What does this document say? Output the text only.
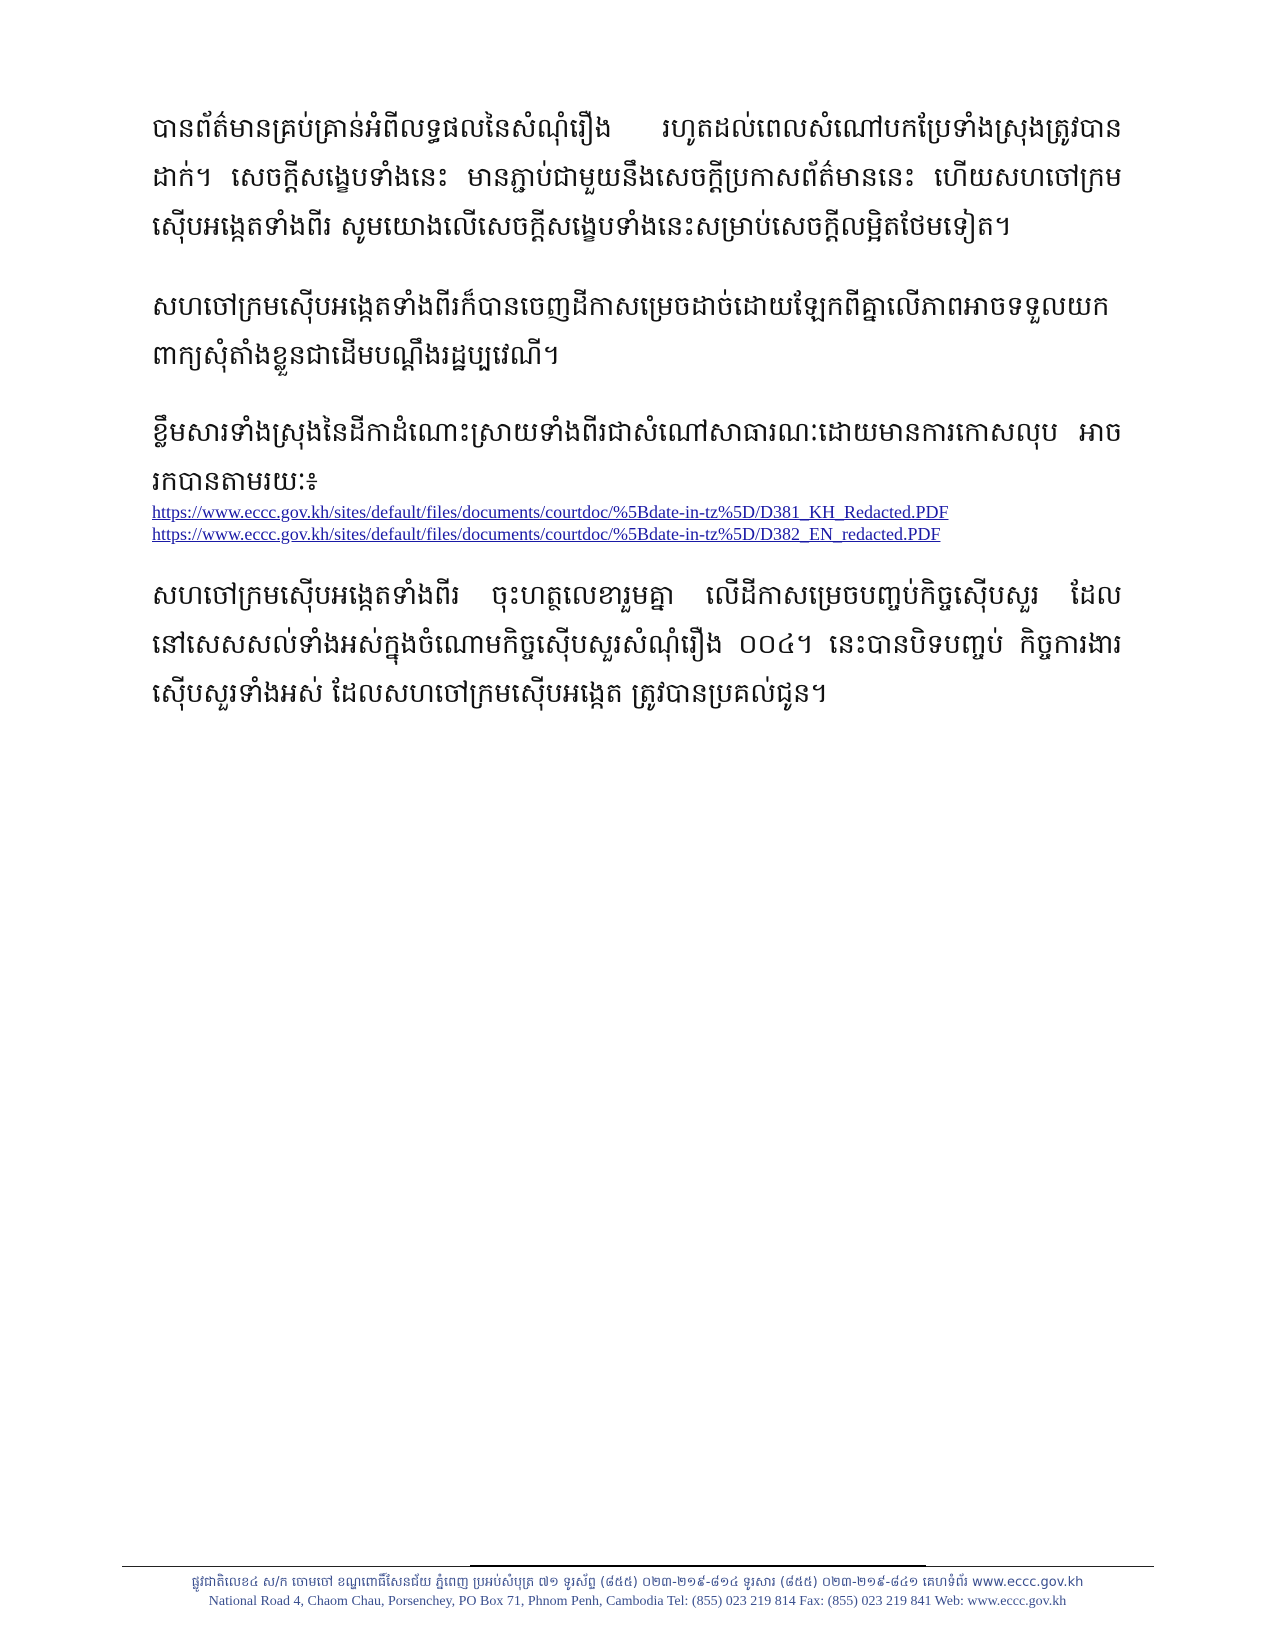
បានព័ត៌មានគ្រប់គ្រាន់អំពីលទ្ធផលនៃសំណុំរឿង រហូតដល់ពេលសំណៅបកប្រែទាំងស្រុងត្រូវបានដាក់។ សេចក្តីសង្ខេបទាំងនេះ មានភ្ជាប់ជាមួយនឹងសេចក្តីប្រកាសព័ត៌មាននេះ ហើយសហចៅក្រមស៊ើបអង្កេតទាំងពីរ សូមយោងលើសេចក្តីសង្ខេបទាំងនេះសម្រាប់សេចក្តីលម្អិតថែមទៀត។

សហចៅក្រមស៊ើបអង្កេតទាំងពីរក៏បានចេញដីកាសម្រេចដាច់ដោយឡែកពីគ្នាលើភាពអាចទទួលយកពាក្យសុំតាំងខ្លួនជាដើមបណ្តឹងរដ្ឋប្បវេណី។

ខ្លឹមសារទាំងស្រុងនៃដីកាដំណោះស្រាយទាំងពីរជាសំណៅសាធារណៈដោយមានការកោសលុប អាចរកបានតាមរយៈ៖

https://www.eccc.gov.kh/sites/default/files/documents/courtdoc/%5Bdate-in-tz%5D/D381_KH_Redacted.PDF
https://www.eccc.gov.kh/sites/default/files/documents/courtdoc/%5Bdate-in-tz%5D/D382_EN_redacted.PDF

សហចៅក្រមស៊ើបអង្កេតទាំងពីរ ចុះហត្ថលេខារួមគ្នា លើដីកាសម្រេចបញ្ចប់កិច្ចស៊ើបសួរ ដែលនៅសេសសល់ទាំងអស់ក្នុងចំណោមកិច្ចស៊ើបសួរសំណុំរឿង ០០៤។ នេះបានបិទបញ្ចប់ កិច្ចការងារស៊ើបសួរទាំងអស់ ដែលសហចៅក្រមស៊ើបអង្កេត ត្រូវបានប្រគល់ជូន។

ផ្លូវជាតិលេខ៤ ស/ក ចោមចៅ ខណ្ឌពោធិ៍សែនជ័យ ភ្នំពេញ ប្រអប់សំបុត្រ ៧១ ទូរស័ព្ទ (៨៥៥) ០២៣-២១៩-៨១៤ ទូរសារ (៨៥៥) ០២៣-២១៩-៨៤១ គេហទំព័រ www.eccc.gov.kh
National Road 4, Chaom Chau, Porsenchey, PO Box 71, Phnom Penh, Cambodia Tel: (855) 023 219 814 Fax: (855) 023 219 841 Web: www.eccc.gov.kh
